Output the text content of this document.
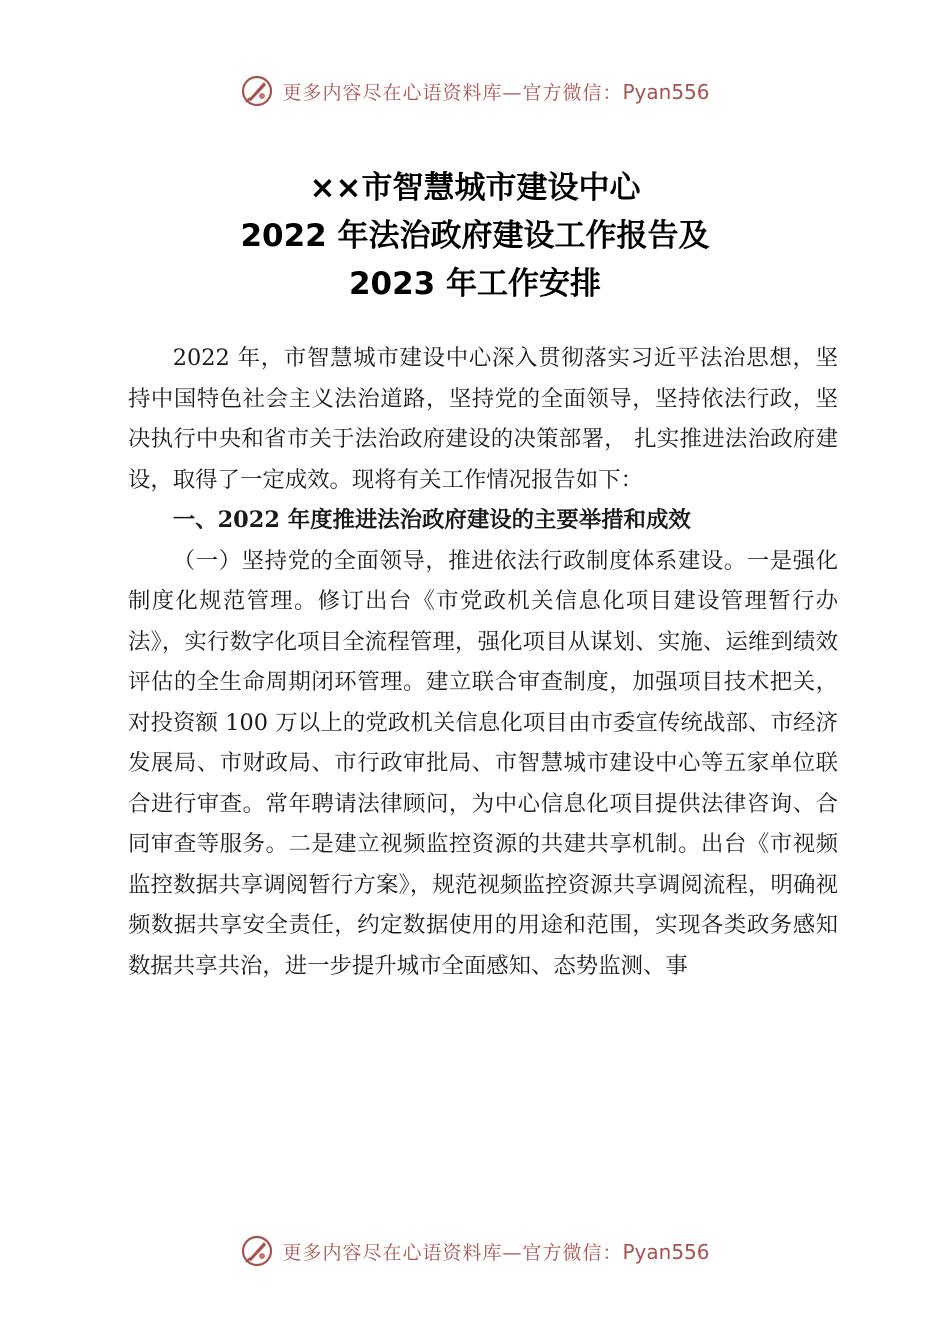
更多内容尽在心语资料库—官方微信：Pyan556
××市智慧城市建设中心
2022 年法治政府建设工作报告及
2023 年工作安排

2022 年，市智慧城市建设中心深入贯彻落实习近平法治思想，坚持中国特色社会主义法治道路，坚持党的全面领导，坚持依法行政，坚决执行中央和省市关于法治政府建设的决策部署， 扎实推进法治政府建设，取得了一定成效。现将有关工作情况报告如下：

一、2022 年度推进法治政府建设的主要举措和成效

（一）坚持党的全面领导，推进依法行政制度体系建设。一是强化制度化规范管理。修订出台《市党政机关信息化项目建设管理暂行办法》，实行数字化项目全流程管理，强化项目从谋划、实施、运维到绩效评估的全生命周期闭环管理。建立联合审查制度，加强项目技术把关，对投资额 100 万以上的党政机关信息化项目由市委宣传统战部、市经济发展局、市财政局、市行政审批局、市智慧城市建设中心等五家单位联合进行审查。常年聘请法律顾问，为中心信息化项目提供法律咨询、合同审查等服务。二是建立视频监控资源的共建共享机制。出台《市视频监控数据共享调阅暂行方案》，规范视频监控资源共享调阅流程，明确视频数据共享安全责任，约定数据使用的用途和范围，实现各类政务感知数据共享共治，进一步提升城市全面感知、态势监测、事

更多内容尽在心语资料库—官方微信：Pyan556
